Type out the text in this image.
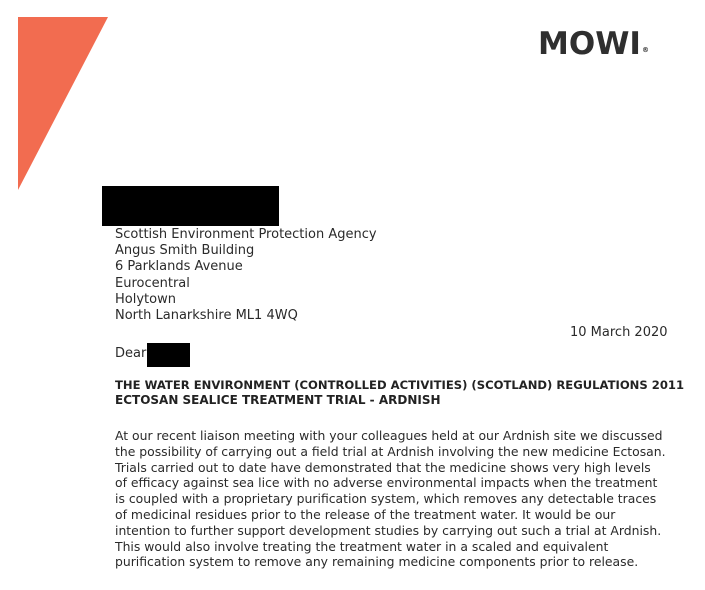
MOWI®
Scottish Environment Protection Agency
Angus Smith Building
6 Parklands Avenue
Eurocentral
Holytown
North Lanarkshire ML1 4WQ
10 March 2020
Dear
THE WATER ENVIRONMENT (CONTROLLED ACTIVITIES) (SCOTLAND) REGULATIONS 2011
ECTOSAN SEALICE TREATMENT TRIAL - ARDNISH
At our recent liaison meeting with your colleagues held at our Ardnish site we discussed
the possibility of carrying out a field trial at Ardnish involving the new medicine Ectosan.
Trials carried out to date have demonstrated that the medicine shows very high levels
of efficacy against sea lice with no adverse environmental impacts when the treatment
is coupled with a proprietary purification system, which removes any detectable traces
of medicinal residues prior to the release of the treatment water. It would be our
intention to further support development studies by carrying out such a trial at Ardnish.
This would also involve treating the treatment water in a scaled and equivalent
purification system to remove any remaining medicine components prior to release.
